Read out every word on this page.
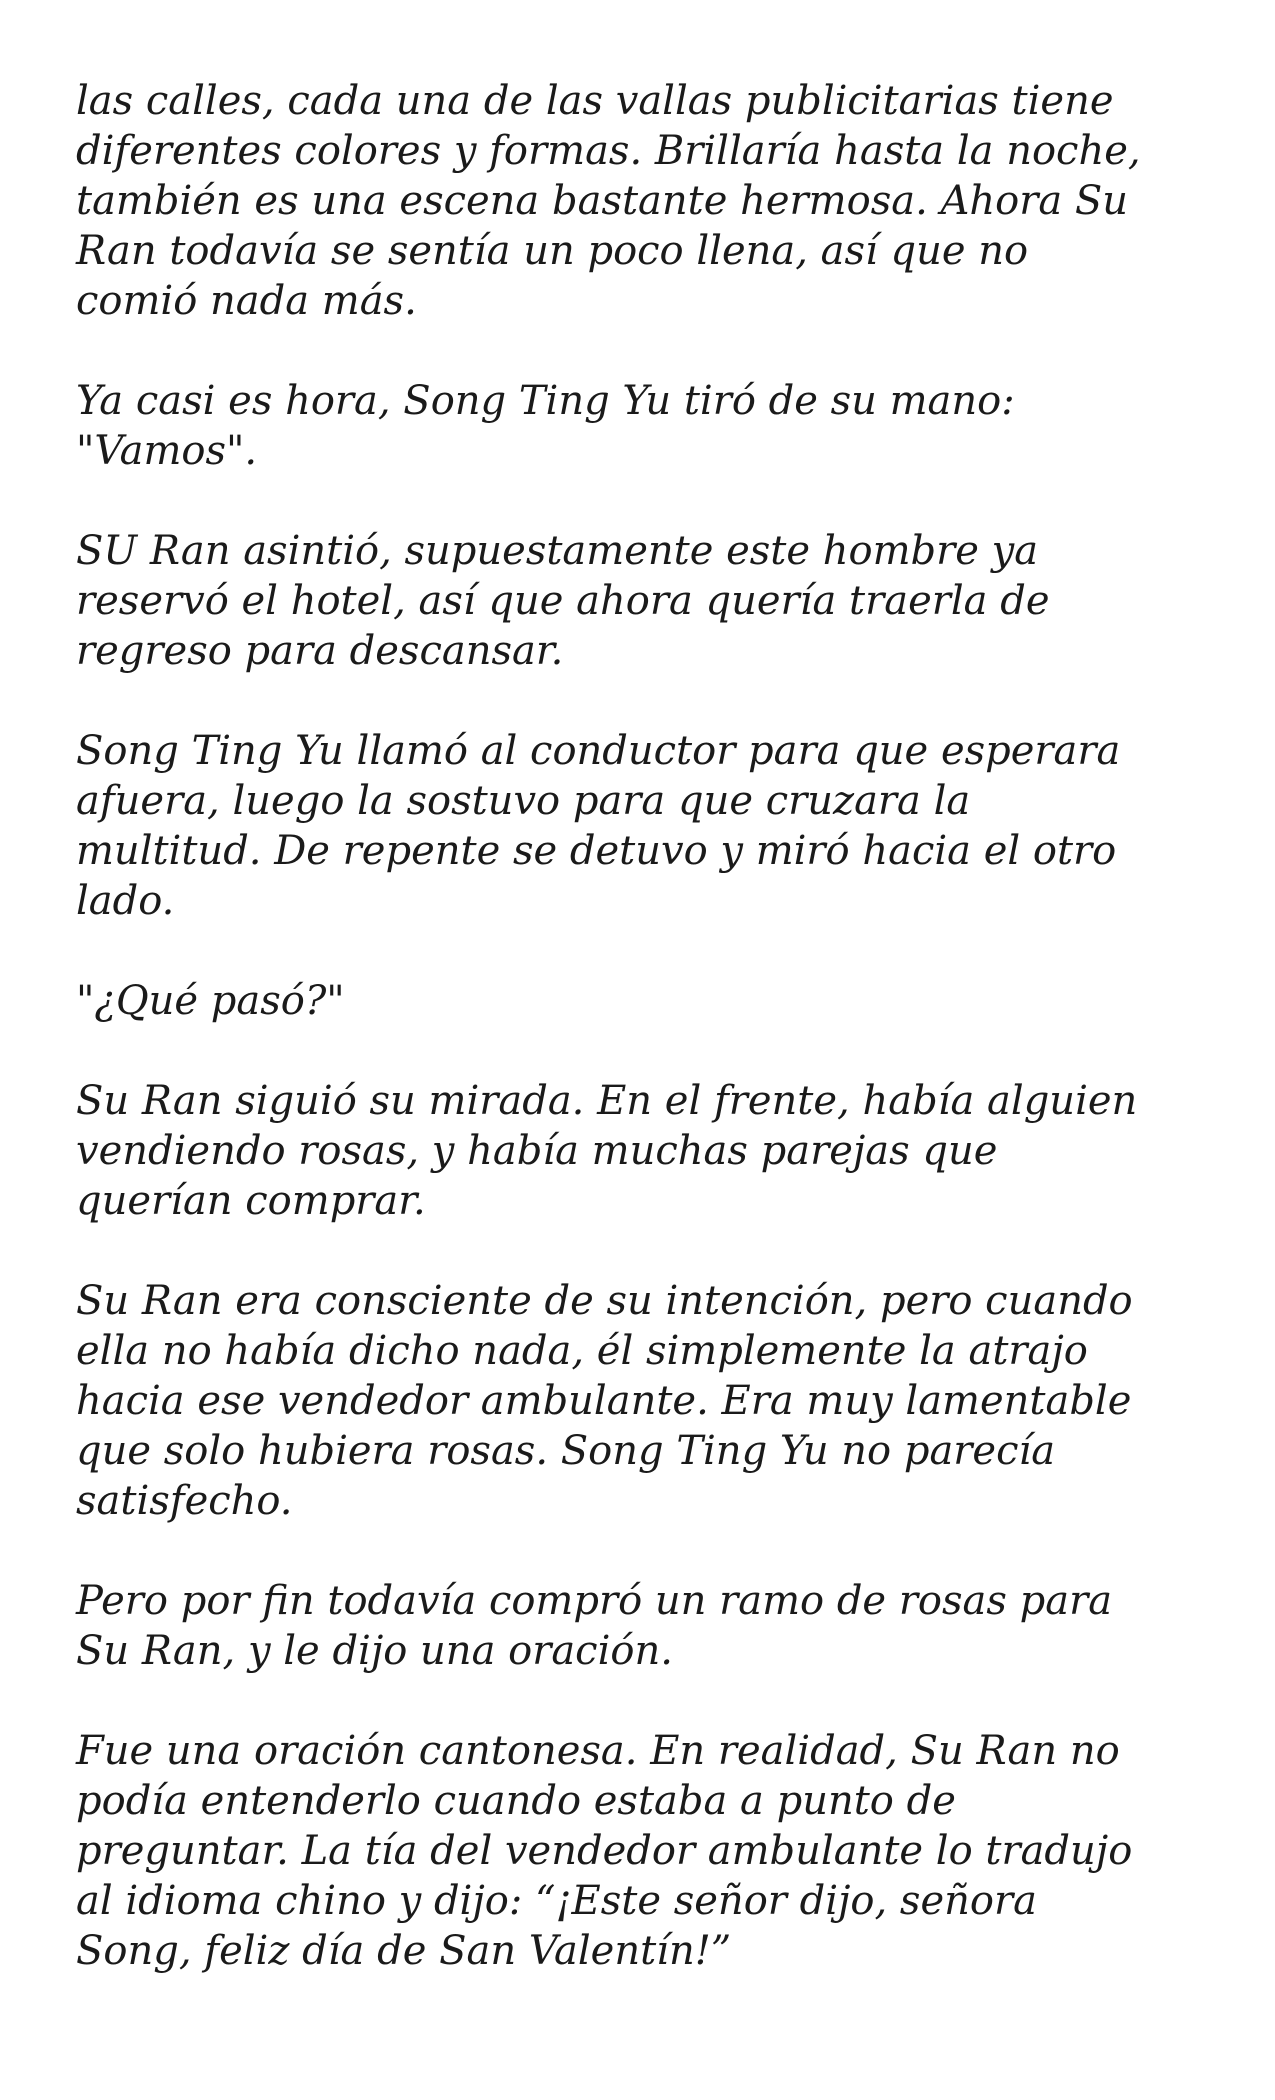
las calles, cada una de las vallas publicitarias tiene
diferentes colores y formas. Brillaría hasta la noche,
también es una escena bastante hermosa. Ahora Su
Ran todavía se sentía un poco llena, así que no
comió nada más.

Ya casi es hora, Song Ting Yu tiró de su mano:
"Vamos".

SU Ran asintió, supuestamente este hombre ya
reservó el hotel, así que ahora quería traerla de
regreso para descansar.

Song Ting Yu llamó al conductor para que esperara
afuera, luego la sostuvo para que cruzara la
multitud. De repente se detuvo y miró hacia el otro
lado.

"¿Qué pasó?"

Su Ran siguió su mirada. En el frente, había alguien
vendiendo rosas, y había muchas parejas que
querían comprar.

Su Ran era consciente de su intención, pero cuando
ella no había dicho nada, él simplemente la atrajo
hacia ese vendedor ambulante. Era muy lamentable
que solo hubiera rosas. Song Ting Yu no parecía
satisfecho.

Pero por fin todavía compró un ramo de rosas para
Su Ran, y le dijo una oración.

Fue una oración cantonesa. En realidad, Su Ran no
podía entenderlo cuando estaba a punto de
preguntar. La tía del vendedor ambulante lo tradujo
al idioma chino y dijo: “¡Este señor dijo, señora
Song, feliz día de San Valentín!”
